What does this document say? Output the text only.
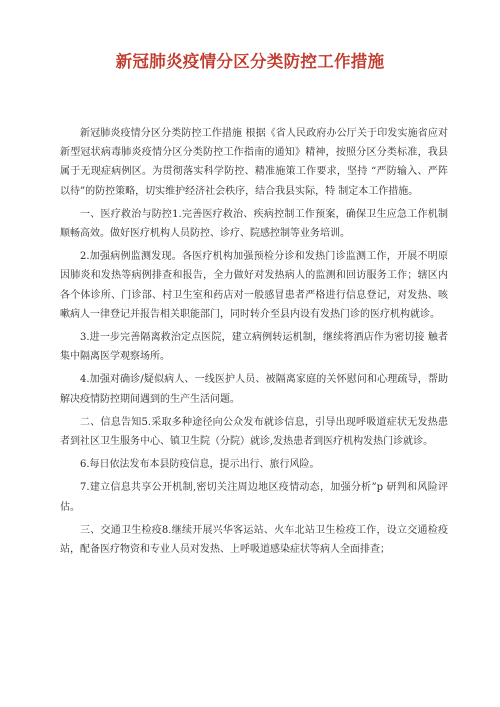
新冠肺炎疫情分区分类防控工作措施

新冠肺炎疫情分区分类防控工作措施 根据《省人民政府办公厅关于印发实施省应对新型冠状病毒肺炎疫情分区分类防控工作指南的通知》精神，按照分区分类标准，我县属于无现症病例区。为贯彻落实科学防控、精准施策工作要求，坚持 “严防输入、严阵以待”的防控策略，切实维护经济社会秩序，结合我县实际，特 制定本工作措施。

一、医疗救治与防控1.完善医疗救治、疾病控制工作预案，确保卫生应急工作机制顺畅高效。做好医疗机构人员防控、诊疗、院感控制等业务培训。

2.加强病例监测发现。各医疗机构加强预检分诊和发热门诊监测工作，开展不明原因肺炎和发热等病例排查和报告，全力做好对发热病人的监测和回访服务工作；辖区内各个体诊所、门诊部、村卫生室和药店对一般感冒患者严格进行信息登记，对发热、咳嗽病人一律登记并报告相关职能部门，同时转介至县内设有发热门诊的医疗机构就诊。

3.进一步完善隔离救治定点医院，建立病例转运机制，继续将酒店作为密切接 触者集中隔离医学观察场所。

4.加强对确诊/疑似病人、一线医护人员、被隔离家庭的关怀慰问和心理疏导，帮助解决疫情防控期间遇到的生产生活问题。

二、信息告知5.采取多种途径向公众发布就诊信息，引导出现呼吸道症状无发热患者到社区卫生服务中心、镇卫生院（分院）就诊,发热患者到医疗机构发热门诊就诊。

6.每日依法发布本县防疫信息，提示出行、旅行风险。

7.建立信息共享公开机制,密切关注周边地区疫情动态，加强分析”p 研判和风险评估。

三、交通卫生检疫8.继续开展兴华客运站、火车北站卫生检疫工作，设立交通检疫站，配备医疗物资和专业人员对发热、上呼吸道感染症状等病人全面排查；
